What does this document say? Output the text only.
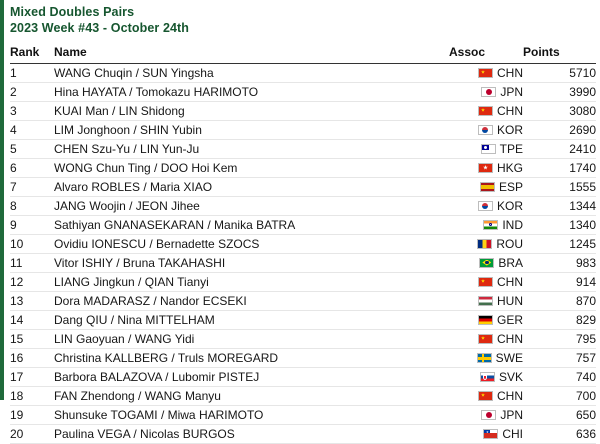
Mixed Doubles Pairs
2023 Week #43 - October 24th
Rank	Name	Assoc	Points
1	WANG Chuqin / SUN Yingsha	CHN	5710
2	Hina HAYATA / Tomokazu HARIMOTO	JPN	3990
3	KUAI Man / LIN Shidong	CHN	3080
4	LIM Jonghoon / SHIN Yubin	KOR	2690
5	CHEN Szu-Yu / LIN Yun-Ju	TPE	2410
6	WONG Chun Ting / DOO Hoi Kem	HKG	1740
7	Alvaro ROBLES / Maria XIAO	ESP	1555
8	JANG Woojin / JEON Jihee	KOR	1344
9	Sathiyan GNANASEKARAN / Manika BATRA	IND	1340
10	Ovidiu IONESCU / Bernadette SZOCS	ROU	1245
11	Vitor ISHIY / Bruna TAKAHASHI	BRA	983
12	LIANG Jingkun / QIAN Tianyi	CHN	914
13	Dora MADARASZ / Nandor ECSEKI	HUN	870
14	Dang QIU / Nina MITTELHAM	GER	829
15	LIN Gaoyuan / WANG Yidi	CHN	795
16	Christina KALLBERG / Truls MOREGARD	SWE	757
17	Barbora BALAZOVA / Lubomir PISTEJ	SVK	740
18	FAN Zhendong / WANG Manyu	CHN	700
19	Shunsuke TOGAMI / Miwa HARIMOTO	JPN	650
20	Paulina VEGA / Nicolas BURGOS	CHI	636
